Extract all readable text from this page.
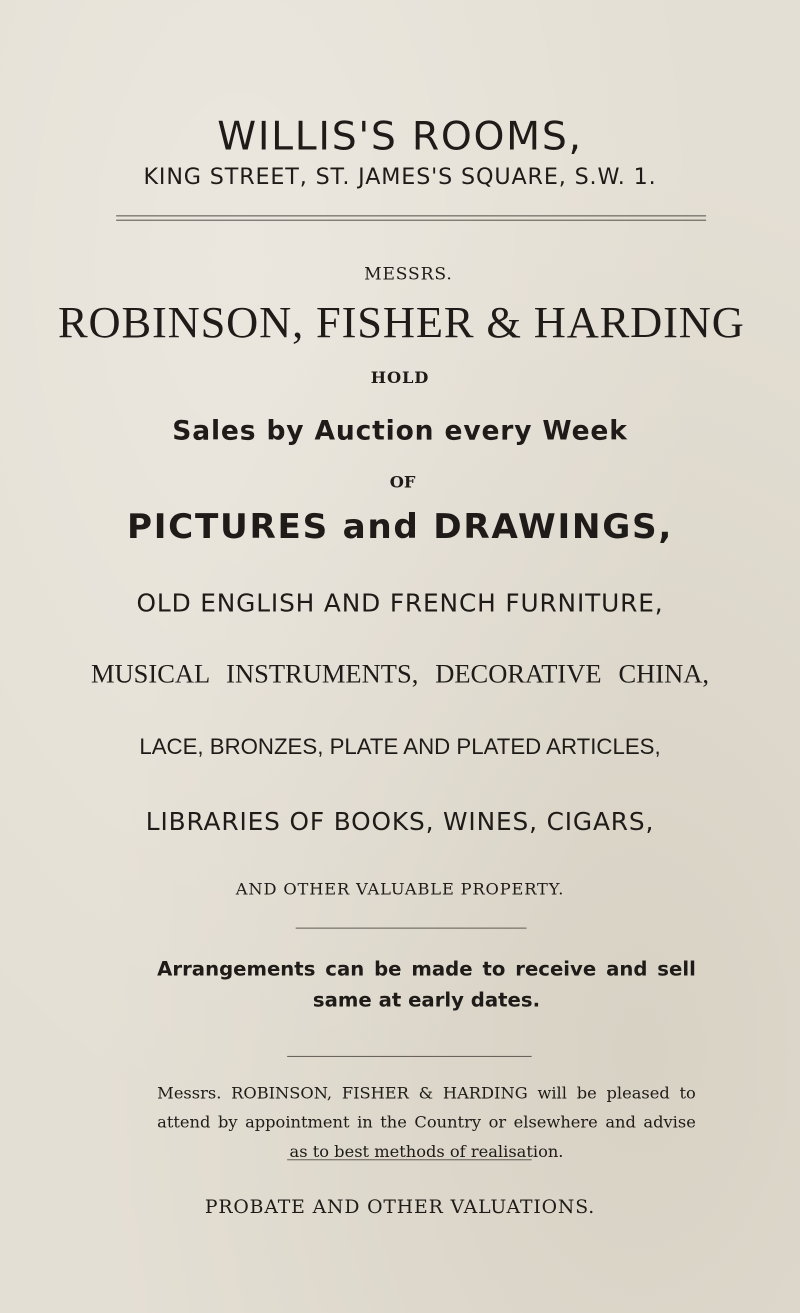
WILLIS'S ROOMS,
KING STREET, ST. JAMES'S SQUARE, S.W. 1.
MESSRS.
ROBINSON, FISHER & HARDING
HOLD
Sales by Auction every Week
OF
PICTURES and DRAWINGS,
OLD ENGLISH AND FRENCH FURNITURE,
MUSICAL INSTRUMENTS, DECORATIVE CHINA,
LACE, BRONZES, PLATE AND PLATED ARTICLES,
LIBRARIES OF BOOKS, WINES, CIGARS,
AND OTHER VALUABLE PROPERTY.
Arrangements can be made to receive and sell same at early dates.
Messrs. ROBINSON, FISHER & HARDING will be pleased to attend by appointment in the Country or elsewhere and advise as to best methods of realisation.
PROBATE AND OTHER VALUATIONS.
